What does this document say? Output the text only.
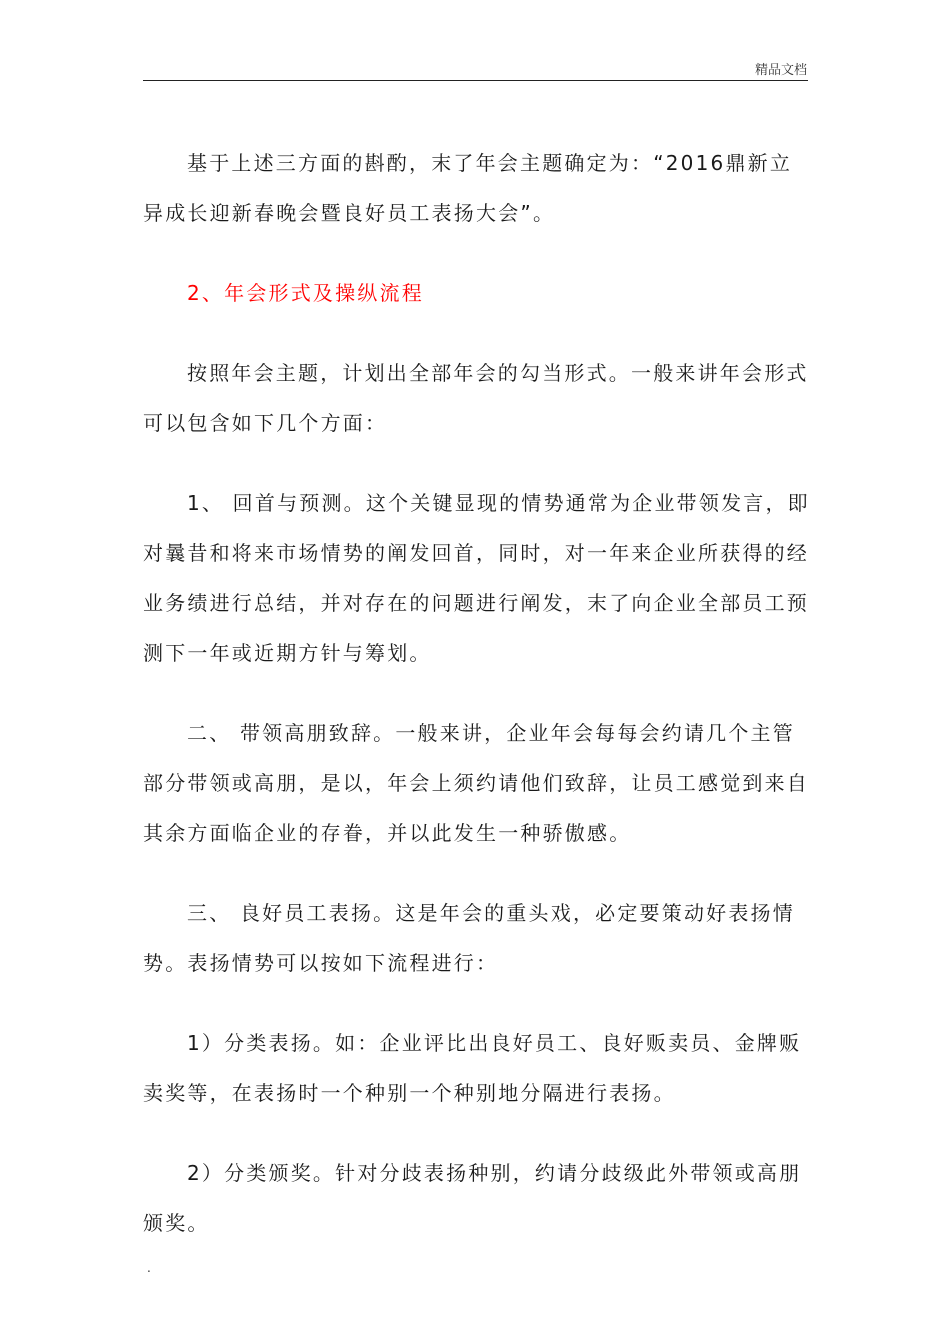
精品文档

基于上述三方面的斟酌，末了年会主题确定为：“2016鼎新立异成长迎新春晚会暨良好员工表扬大会”。

2、年会形式及操纵流程

按照年会主题，计划出全部年会的勾当形式。一般来讲年会形式可以包含如下几个方面：

1、 回首与预测。这个关键显现的情势通常为企业带领发言，即对曩昔和将来市场情势的阐发回首，同时，对一年来企业所获得的经业务绩进行总结，并对存在的问题进行阐发，末了向企业全部员工预测下一年或近期方针与筹划。

二、 带领高朋致辞。一般来讲，企业年会每每会约请几个主管部分带领或高朋，是以，年会上须约请他们致辞，让员工感觉到来自其余方面临企业的存眷，并以此发生一种骄傲感。

三、 良好员工表扬。这是年会的重头戏，必定要策动好表扬情势。表扬情势可以按如下流程进行：

1）分类表扬。如：企业评比出良好员工、良好贩卖员、金牌贩卖奖等，在表扬时一个种别一个种别地分隔进行表扬。

2）分类颁奖。针对分歧表扬种别，约请分歧级此外带领或高朋颁奖。

.
